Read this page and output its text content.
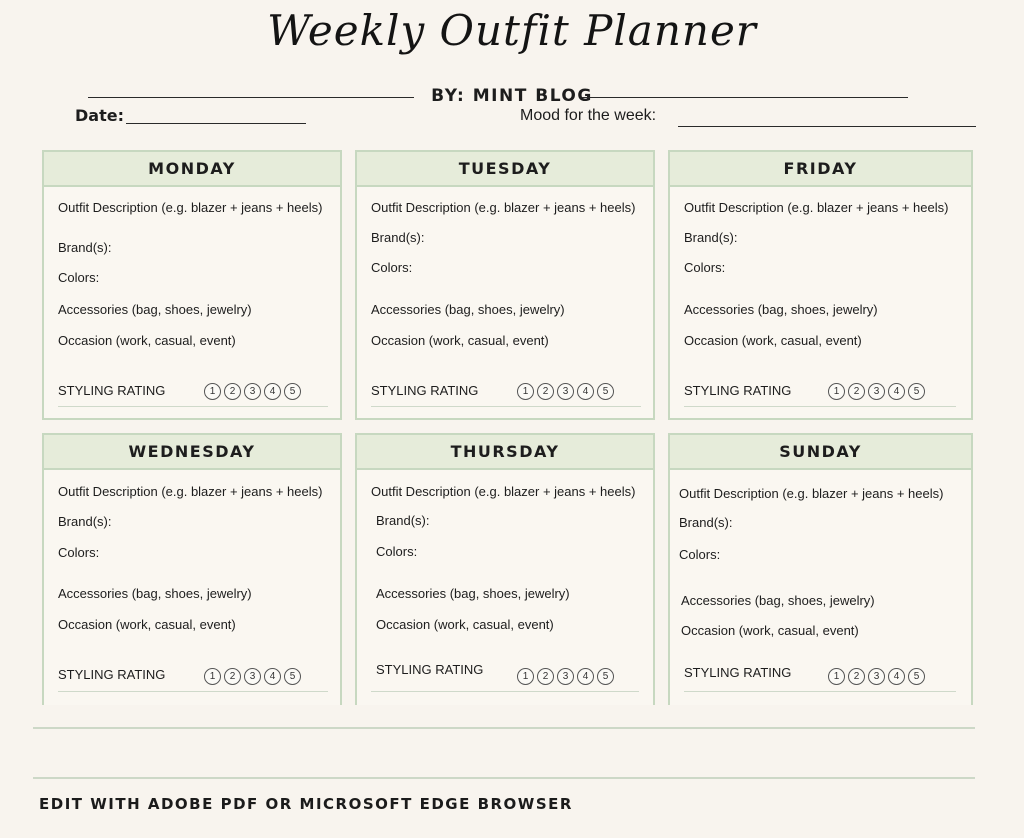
Weekly Outfit Planner
BY: MINT BLOG
Date:	Mood for the week:
MONDAY
Outfit Description (e.g. blazer + jeans + heels)
Brand(s):
Colors:
Accessories (bag, shoes, jewelry)
Occasion (work, casual, event)
STYLING RATING	1	2	3	4	5
TUESDAY
Outfit Description (e.g. blazer + jeans + heels)
Brand(s):
Colors:
Accessories (bag, shoes, jewelry)
Occasion (work, casual, event)
STYLING RATING	1	2	3	4	5
FRIDAY
Outfit Description (e.g. blazer + jeans + heels)
Brand(s):
Colors:
Accessories (bag, shoes, jewelry)
Occasion (work, casual, event)
STYLING RATING	1	2	3	4	5
WEDNESDAY
Outfit Description (e.g. blazer + jeans + heels)
Brand(s):
Colors:
Accessories (bag, shoes, jewelry)
Occasion (work, casual, event)
STYLING RATING	1	2	3	4	5
THURSDAY
Outfit Description (e.g. blazer + jeans + heels)
Brand(s):
Colors:
Accessories (bag, shoes, jewelry)
Occasion (work, casual, event)
STYLING RATING	1	2	3	4	5
SUNDAY
Outfit Description (e.g. blazer + jeans + heels)
Brand(s):
Colors:
Accessories (bag, shoes, jewelry)
Occasion (work, casual, event)
STYLING RATING	1	2	3	4	5
EDIT WITH ADOBE PDF OR MICROSOFT EDGE BROWSER
